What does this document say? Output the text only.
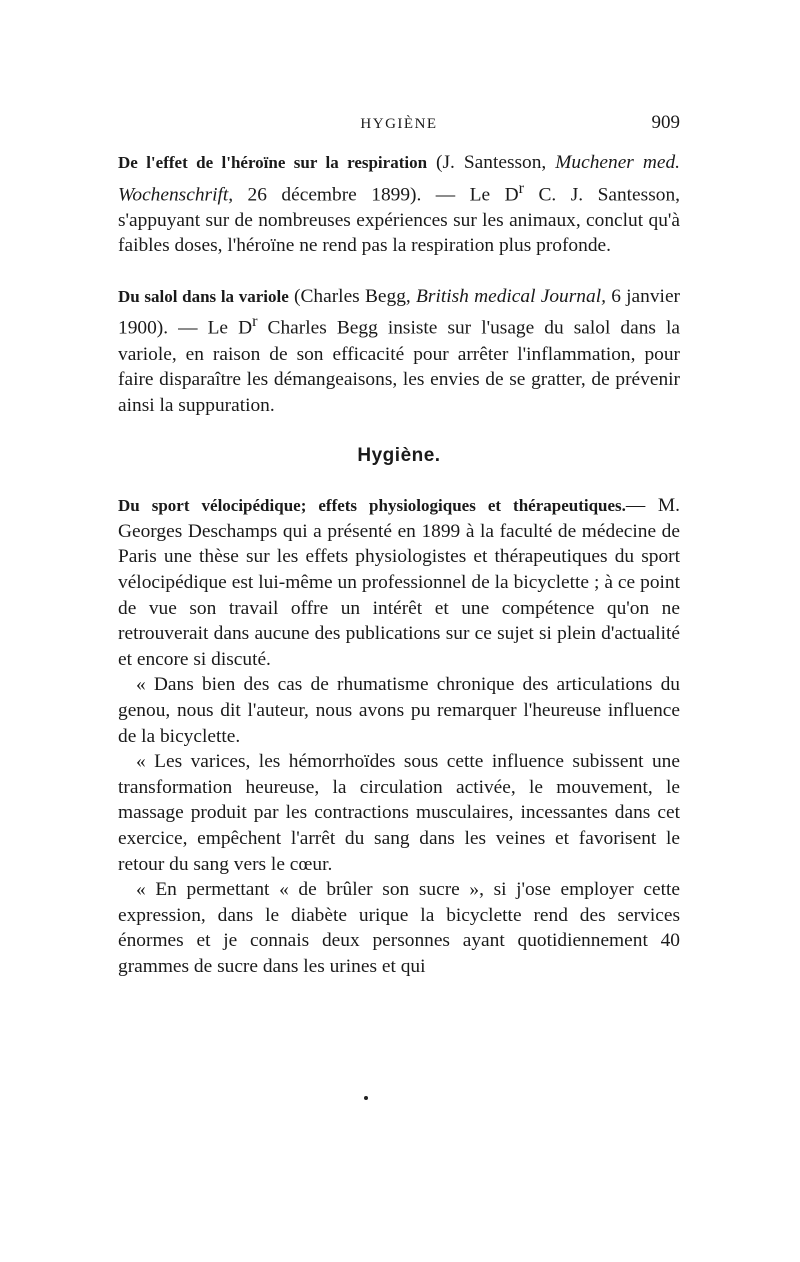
HYGIÈNE	909

De l'effet de l'héroïne sur la respiration (J. Santesson, Muchener med. Wochenschrift, 26 décembre 1899). — Le $D^r$ C. J. Santesson, s'appuyant sur de nombreuses expériences sur les animaux, conclut qu'à faibles doses, l'héroïne ne rend pas la respiration plus profonde.

Du salol dans la variole (Charles Begg, British medical Journal, 6 janvier 1900). — Le $D^r$ Charles Begg insiste sur l'usage du salol dans la variole, en raison de son efficacité pour arrêter l'inflammation, pour faire disparaître les démangeaisons, les envies de se gratter, de prévenir ainsi la suppuration.

Hygiène.

Du sport vélocipédique; effets physiologiques et thérapeutiques.— M. Georges Deschamps qui a présenté en 1899 à la faculté de médecine de Paris une thèse sur les effets physiologistes et thérapeutiques du sport vélocipédique est lui-même un professionnel de la bicyclette ; à ce point de vue son travail offre un intérêt et une compétence qu'on ne retrouverait dans aucune des publications sur ce sujet si plein d'actualité et encore si discuté.

« Dans bien des cas de rhumatisme chronique des articulations du genou, nous dit l'auteur, nous avons pu remarquer l'heureuse influence de la bicyclette.

« Les varices, les hémorrhoïdes sous cette influence subissent une transformation heureuse, la circulation activée, le mouvement, le massage produit par les contractions musculaires, incessantes dans cet exercice, empêchent l'arrêt du sang dans les veines et favorisent le retour du sang vers le cœur.

« En permettant « de brûler son sucre », si j'ose employer cette expression, dans le diabète urique la bicyclette rend des services énormes et je connais deux personnes ayant quotidiennement 40 grammes de sucre dans les urines et qui
